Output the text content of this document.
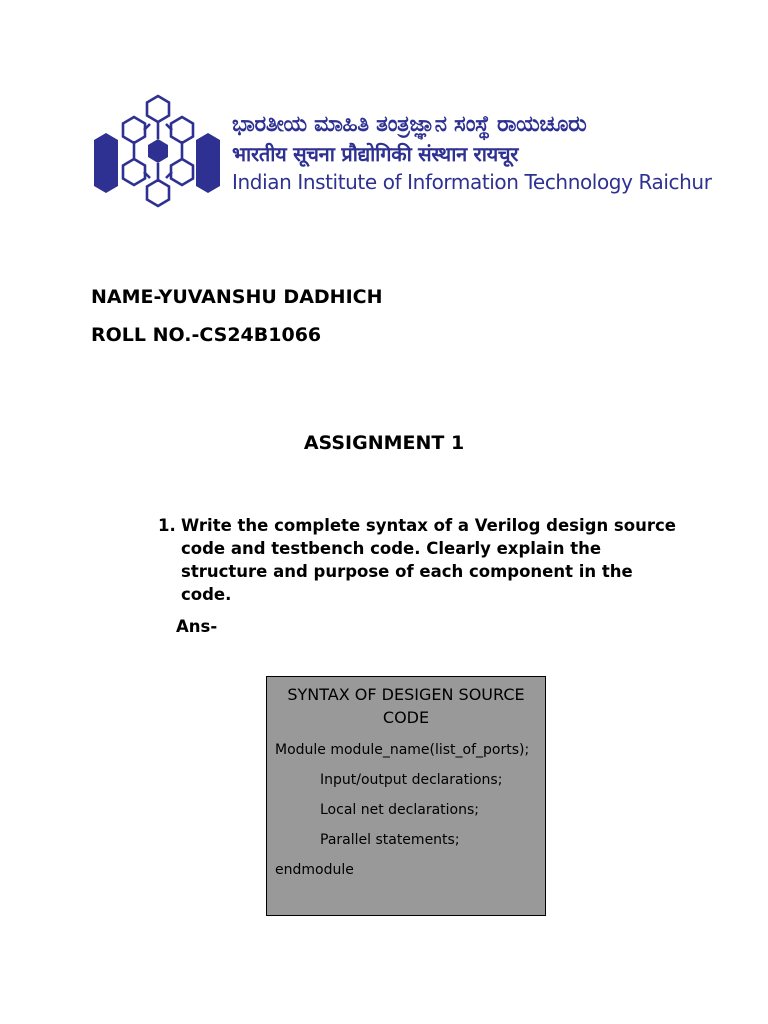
ಭಾರತೀಯ ಮಾಹಿತಿ ತಂತ್ರಜ್ಞಾನ ಸಂಸ್ಥೆ ರಾಯಚೂರು
भारतीय सूचना प्रौद्योगिकी संस्थान रायचूर
Indian Institute of Information Technology Raichur
NAME-YUVANSHU DADHICH
ROLL NO.-CS24B1066
ASSIGNMENT 1
1. Write the complete syntax of a Verilog design source code and testbench code. Clearly explain the structure and purpose of each component in the code.
Ans-
SYNTAX OF DESIGEN SOURCE CODE
Module module_name(list_of_ports);
Input/output declarations;
Local net declarations;
Parallel statements;
endmodule
